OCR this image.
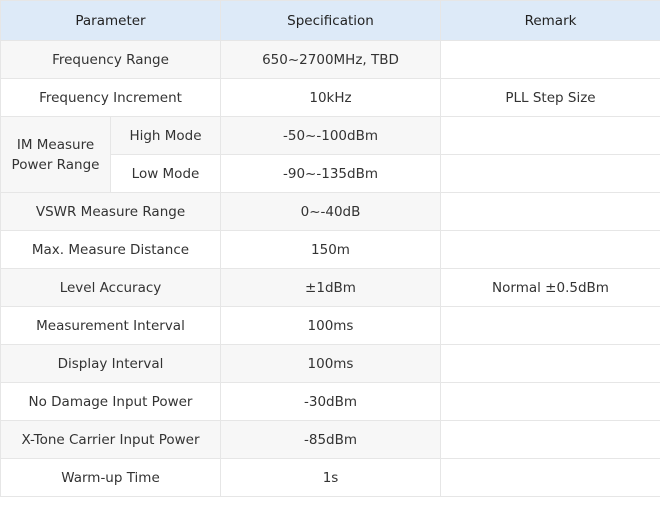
Parameter		Specification	Remark
Frequency Range		650~2700MHz, TBD	
Frequency Increment		10kHz	PLL Step Size
IM Measure
Power Range	High Mode	-50~-100dBm	
	Low Mode	-90~-135dBm	
VSWR Measure Range		0~-40dB	
Max. Measure Distance		150m	
Level Accuracy		±1dBm	Normal ±0.5dBm
Measurement Interval		100ms	
Display Interval		100ms	
No Damage Input Power		-30dBm	
X-Tone Carrier Input Power		-85dBm	
Warm-up Time		1s	
